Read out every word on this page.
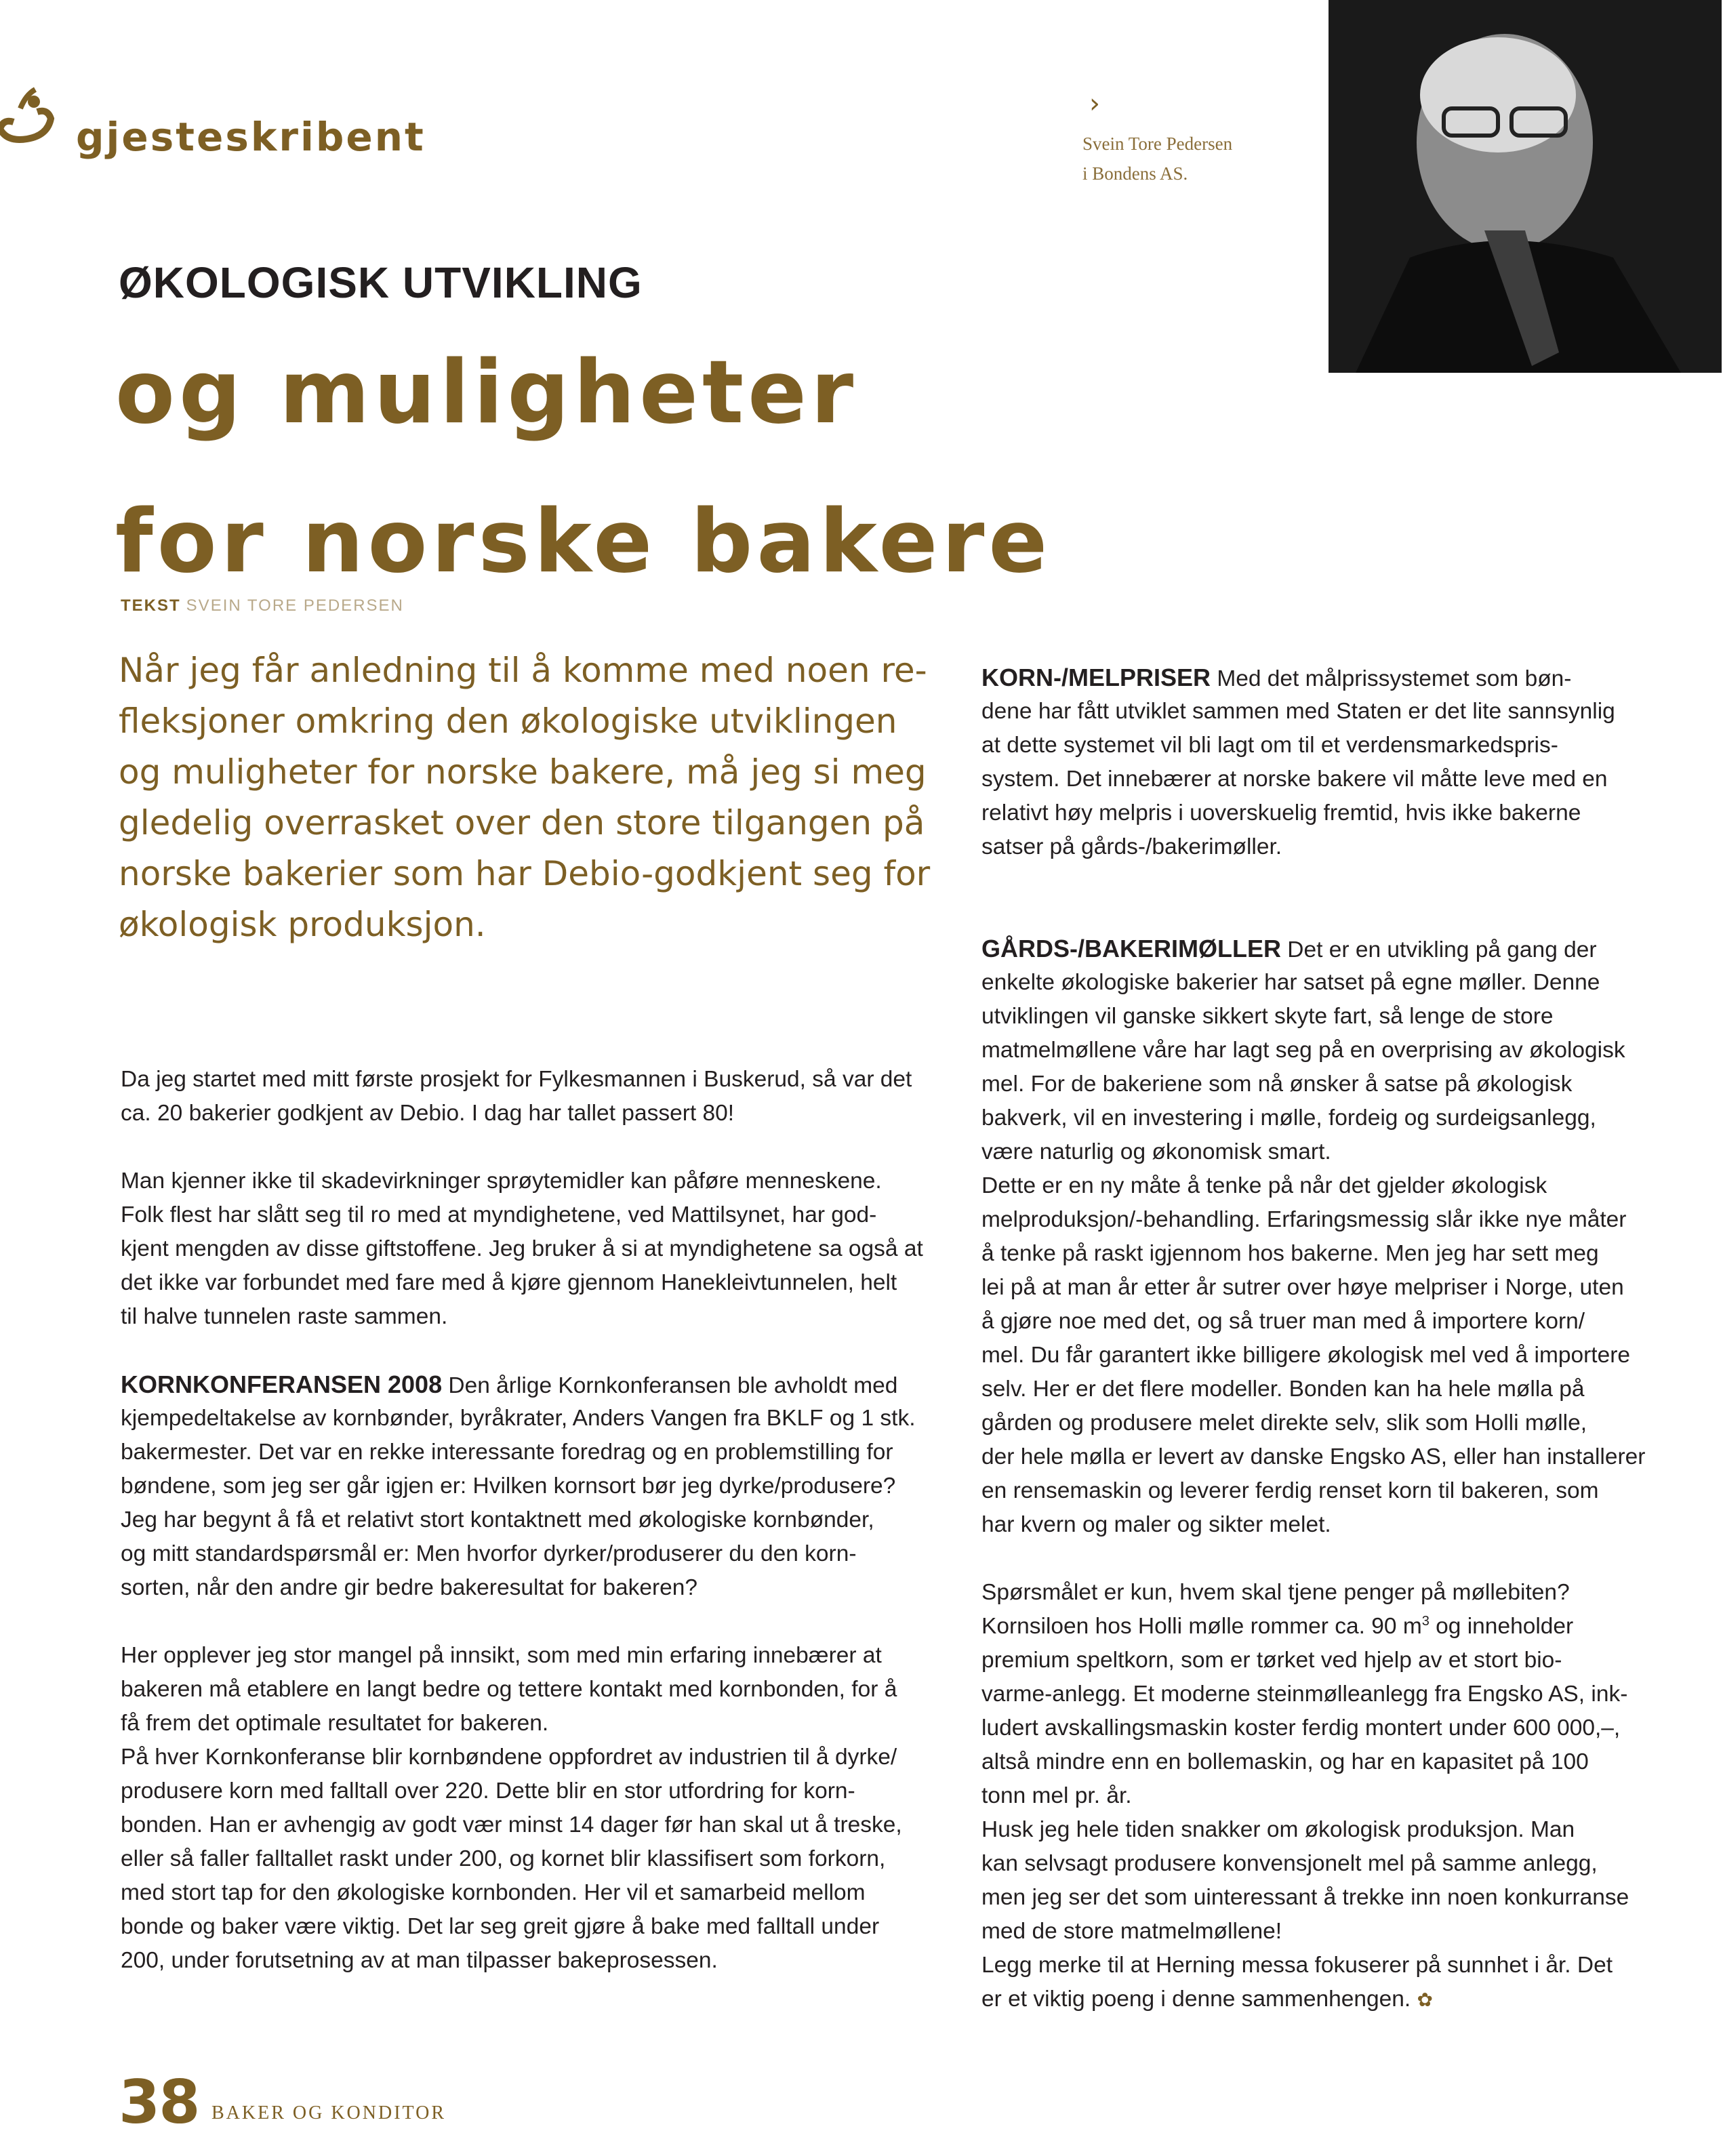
gjesteskribent
›
Svein Tore Pedersen
i Bondens AS.
ØKOLOGISK UTVIKLING
og muligheter
for norske bakere
TEKST SVEIN TORE PEDERSEN
Når jeg får anledning til å komme med noen re-
fleksjoner omkring den økologiske utviklingen
og muligheter for norske bakere, må jeg si meg
gledelig overrasket over den store tilgangen på
norske bakerier som har Debio-godkjent seg for
økologisk produksjon.
Da jeg startet med mitt første prosjekt for Fylkesmannen i Buskerud, så var det
ca. 20 bakerier godkjent av Debio. I dag har tallet passert 80!
Man kjenner ikke til skadevirkninger sprøytemidler kan påføre menneskene.
Folk flest har slått seg til ro med at myndighetene, ved Mattilsynet, har god-
kjent mengden av disse giftstoffene. Jeg bruker å si at myndighetene sa også at
det ikke var forbundet med fare med å kjøre gjennom Hanekleivtunnelen, helt
til halve tunnelen raste sammen.
KORNKONFERANSEN 2008 Den årlige Kornkonferansen ble avholdt med
kjempedeltakelse av kornbønder, byråkrater, Anders Vangen fra BKLF og 1 stk.
bakermester. Det var en rekke interessante foredrag og en problemstilling for
bøndene, som jeg ser går igjen er: Hvilken kornsort bør jeg dyrke/produsere?
Jeg har begynt å få et relativt stort kontaktnett med økologiske kornbønder,
og mitt standardspørsmål er: Men hvorfor dyrker/produserer du den korn-
sorten, når den andre gir bedre bakeresultat for bakeren?
Her opplever jeg stor mangel på innsikt, som med min erfaring innebærer at
bakeren må etablere en langt bedre og tettere kontakt med kornbonden, for å
få frem det optimale resultatet for bakeren.
På hver Kornkonferanse blir kornbøndene oppfordret av industrien til å dyrke/
produsere korn med falltall over 220. Dette blir en stor utfordring for korn-
bonden. Han er avhengig av godt vær minst 14 dager før han skal ut å treske,
eller så faller falltallet raskt under 200, og kornet blir klassifisert som forkorn,
med stort tap for den økologiske kornbonden. Her vil et samarbeid mellom
bonde og baker være viktig. Det lar seg greit gjøre å bake med falltall under
200, under forutsetning av at man tilpasser bakeprosessen.
KORN-/MELPRISER Med det målprissystemet som bøn-
dene har fått utviklet sammen med Staten er det lite sannsynlig
at dette systemet vil bli lagt om til et verdensmarkedspris-
system. Det innebærer at norske bakere vil måtte leve med en
relativt høy melpris i uoverskuelig fremtid, hvis ikke bakerne
satser på gårds-/bakerimøller.
GÅRDS-/BAKERIMØLLER Det er en utvikling på gang der
enkelte økologiske bakerier har satset på egne møller. Denne
utviklingen vil ganske sikkert skyte fart, så lenge de store
matmelmøllene våre har lagt seg på en overprising av økologisk
mel. For de bakeriene som nå ønsker å satse på økologisk
bakverk, vil en investering i mølle, fordeig og surdeigsanlegg,
være naturlig og økonomisk smart.
Dette er en ny måte å tenke på når det gjelder økologisk
melproduksjon/-behandling. Erfaringsmessig slår ikke nye måter
å tenke på raskt igjennom hos bakerne. Men jeg har sett meg
lei på at man år etter år sutrer over høye melpriser i Norge, uten
å gjøre noe med det, og så truer man med å importere korn/
mel. Du får garantert ikke billigere økologisk mel ved å importere
selv. Her er det flere modeller. Bonden kan ha hele mølla på
gården og produsere melet direkte selv, slik som Holli mølle,
der hele mølla er levert av danske Engsko AS, eller han installerer
en rensemaskin og leverer ferdig renset korn til bakeren, som
har kvern og maler og sikter melet.
Spørsmålet er kun, hvem skal tjene penger på møllebiten?
Kornsiloen hos Holli mølle rommer ca. 90 $m^3$ og inneholder
premium speltkorn, som er tørket ved hjelp av et stort bio-
varme-anlegg. Et moderne steinmølleanlegg fra Engsko AS, ink-
ludert avskallingsmaskin koster ferdig montert under 600 000,–,
altså mindre enn en bollemaskin, og har en kapasitet på 100
tonn mel pr. år.
Husk jeg hele tiden snakker om økologisk produksjon. Man
kan selvsagt produsere konvensjonelt mel på samme anlegg,
men jeg ser det som uinteressant å trekke inn noen konkurranse
med de store matmelmøllene!
Legg merke til at Herning messa fokuserer på sunnhet i år. Det
er et viktig poeng i denne sammenhengen. ✿
38 BAKER OG KONDITOR
